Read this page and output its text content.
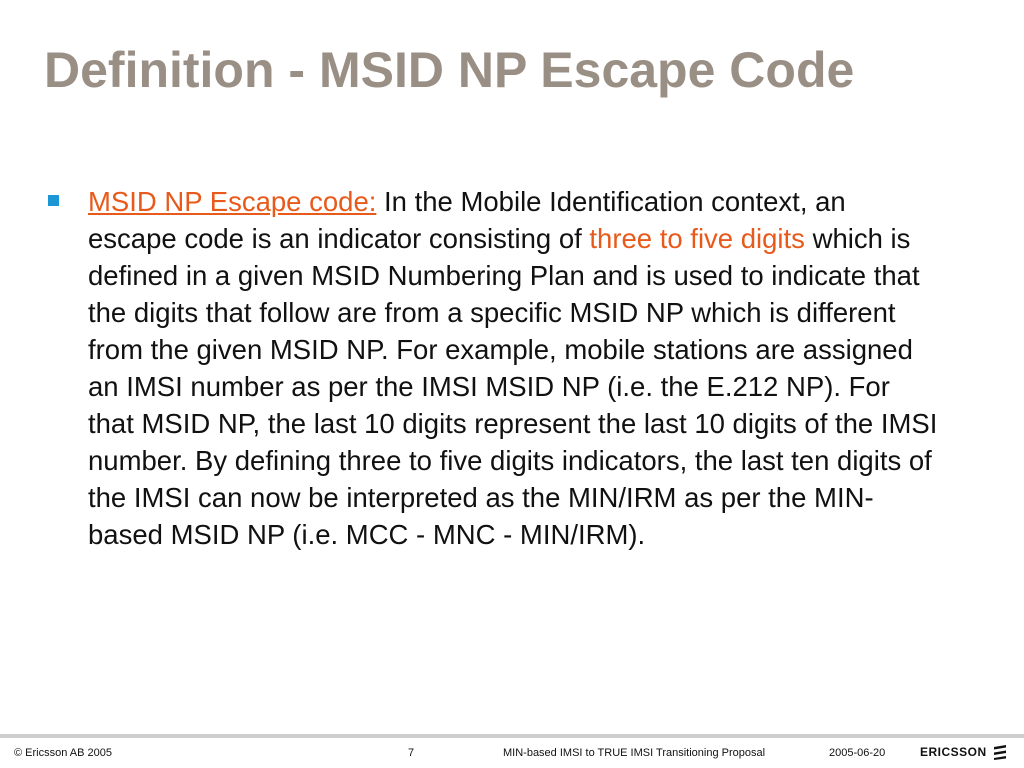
Definition - MSID NP Escape Code
MSID NP Escape code: In the Mobile Identification context, an escape code is an indicator consisting of three to five digits which is defined in a given MSID Numbering Plan and is used to indicate that the digits that follow are from a specific MSID NP which is different from the given MSID NP. For example, mobile stations are assigned an IMSI number as per the IMSI MSID NP (i.e. the E.212 NP). For that MSID NP, the last 10 digits represent the last 10 digits of the IMSI number. By defining three to five digits indicators, the last ten digits of the IMSI can now be interpreted as the MIN/IRM as per the MIN-based MSID NP (i.e. MCC - MNC - MIN/IRM).
© Ericsson AB 2005	7	MIN-based IMSI to TRUE IMSI Transitioning Proposal	2005-06-20	ERICSSON
